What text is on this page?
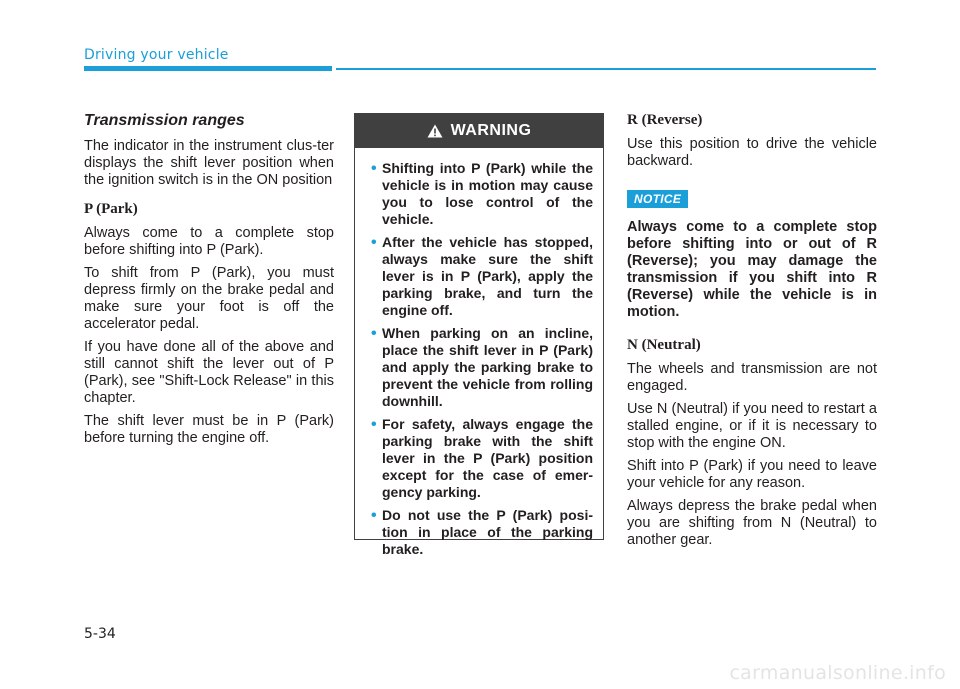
Driving your vehicle
Transmission ranges

The indicator in the instrument clus-ter displays the shift lever position when the ignition switch is in the ON position

P (Park)

Always come to a complete stop before shifting into P (Park).

To shift from P (Park), you must depress firmly on the brake pedal and make sure your foot is off the accelerator pedal.

If you have done all of the above and still cannot shift the lever out of P (Park), see "Shift-Lock Release" in this chapter.

The shift lever must be in P (Park) before turning the engine off.

WARNING
• Shifting into P (Park) while the vehicle is in motion may cause you to lose control of the vehicle.
• After the vehicle has stopped, always make sure the shift lever is in P (Park), apply the parking brake, and turn the engine off.
• When parking on an incline, place the shift lever in P (Park) and apply the parking brake to prevent the vehicle from rolling downhill.
• For safety, always engage the parking brake with the shift lever in the P (Park) position except for the case of emer-gency parking.
• Do not use the P (Park) posi-tion in place of the parking brake.
R (Reverse)

Use this position to drive the vehicle backward.

NOTICE

Always come to a complete stop before shifting into or out of R (Reverse); you may damage the transmission if you shift into R (Reverse) while the vehicle is in motion.

N (Neutral)

The wheels and transmission are not engaged.

Use N (Neutral) if you need to restart a stalled engine, or if it is necessary to stop with the engine ON.

Shift into P (Park) if you need to leave your vehicle for any reason.

Always depress the brake pedal when you are shifting from N (Neutral) to another gear.

5-34
carmanualsonline.info
